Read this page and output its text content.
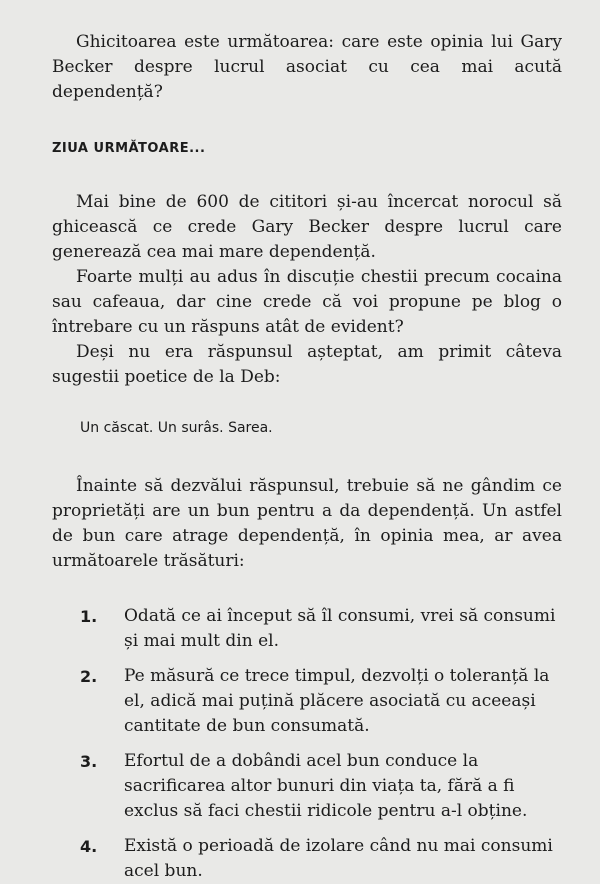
Ghicitoarea este următoarea: care este opinia lui Gary Becker despre lucrul asociat cu cea mai acută dependență?

ZIUA URMĂTOARE...

Mai bine de 600 de cititori și-au încercat norocul să ghicească ce crede Gary Becker despre lucrul care generează cea mai mare dependență.

Foarte mulți au adus în discuție chestii precum cocaina sau cafeaua, dar cine crede că voi propune pe blog o întrebare cu un răspuns atât de evident?

Deși nu era răspunsul așteptat, am primit câteva sugestii poetice de la Deb:

Un căscat. Un surâs. Sarea.

Înainte să dezvălui răspunsul, trebuie să ne gândim ce proprietăți are un bun pentru a da dependență. Un astfel de bun care atrage dependență, în opinia mea, ar avea următoarele trăsături:

1.	Odată ce ai început să îl consumi, vrei să consumi și mai mult din el.
2.	Pe măsură ce trece timpul, dezvolți o toleranță la el, adică mai puțină plăcere asociată cu aceeași cantitate de bun consumată.
3.	Efortul de a dobândi acel bun conduce la sacrificarea altor bunuri din viața ta, fără a fi exclus să faci chestii ridicole pentru a-l obține.
4.	Există o perioadă de izolare când nu mai consumi acel bun.
